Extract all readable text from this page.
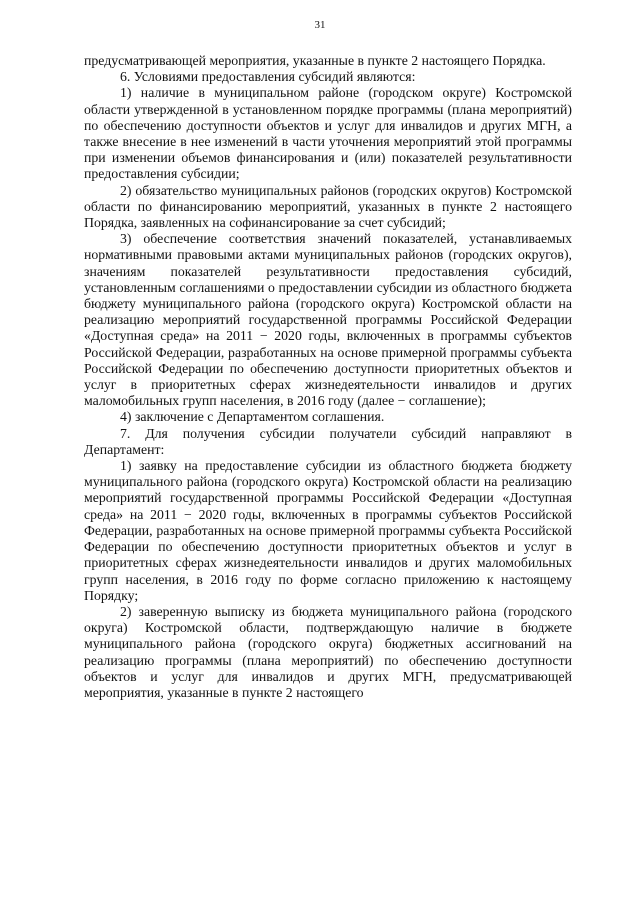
31

предусматривающей мероприятия, указанные в пункте 2 настоящего Порядка.

6. Условиями предоставления субсидий являются:

1) наличие в муниципальном районе (городском округе) Костромской области утвержденной в установленном порядке программы (плана мероприятий) по обеспечению доступности объектов и услуг для инвалидов и других МГН, а также внесение в нее изменений в части уточнения мероприятий этой программы при изменении объемов финансирования и (или) показателей результативности предоставления субсидии;

2) обязательство муниципальных районов (городских округов) Костромской области по финансированию мероприятий, указанных в пункте 2 настоящего Порядка, заявленных на софинансирование за счет субсидий;

3) обеспечение соответствия значений показателей, устанавливаемых нормативными правовыми актами муниципальных районов (городских округов), значениям показателей результативности предоставления субсидий, установленным соглашениями о предоставлении субсидии из областного бюджета бюджету муниципального района (городского округа) Костромской области на реализацию мероприятий государственной программы Российской Федерации «Доступная среда» на 2011 − 2020 годы, включенных в программы субъектов Российской Федерации, разработанных на основе примерной программы субъекта Российской Федерации по обеспечению доступности приоритетных объектов и услуг в приоритетных сферах жизнедеятельности инвалидов и других маломобильных групп населения, в 2016 году (далее − соглашение);

4) заключение с Департаментом соглашения.

7. Для получения субсидии получатели субсидий направляют в Департамент:

1) заявку на предоставление субсидии из областного бюджета бюджету муниципального района (городского округа) Костромской области на реализацию мероприятий государственной программы Российской Федерации «Доступная среда» на 2011 − 2020 годы, включенных в программы субъектов Российской Федерации, разработанных на основе примерной программы субъекта Российской Федерации по обеспечению доступности приоритетных объектов и услуг в приоритетных сферах жизнедеятельности инвалидов и других маломобильных групп населения, в 2016 году по форме согласно приложению к настоящему Порядку;

2) заверенную выписку из бюджета муниципального района (городского округа) Костромской области, подтверждающую наличие в бюджете муниципального района (городского округа) бюджетных ассигнований на реализацию программы (плана мероприятий) по обеспечению доступности объектов и услуг для инвалидов и других МГН, предусматривающей мероприятия, указанные в пункте 2 настоящего
